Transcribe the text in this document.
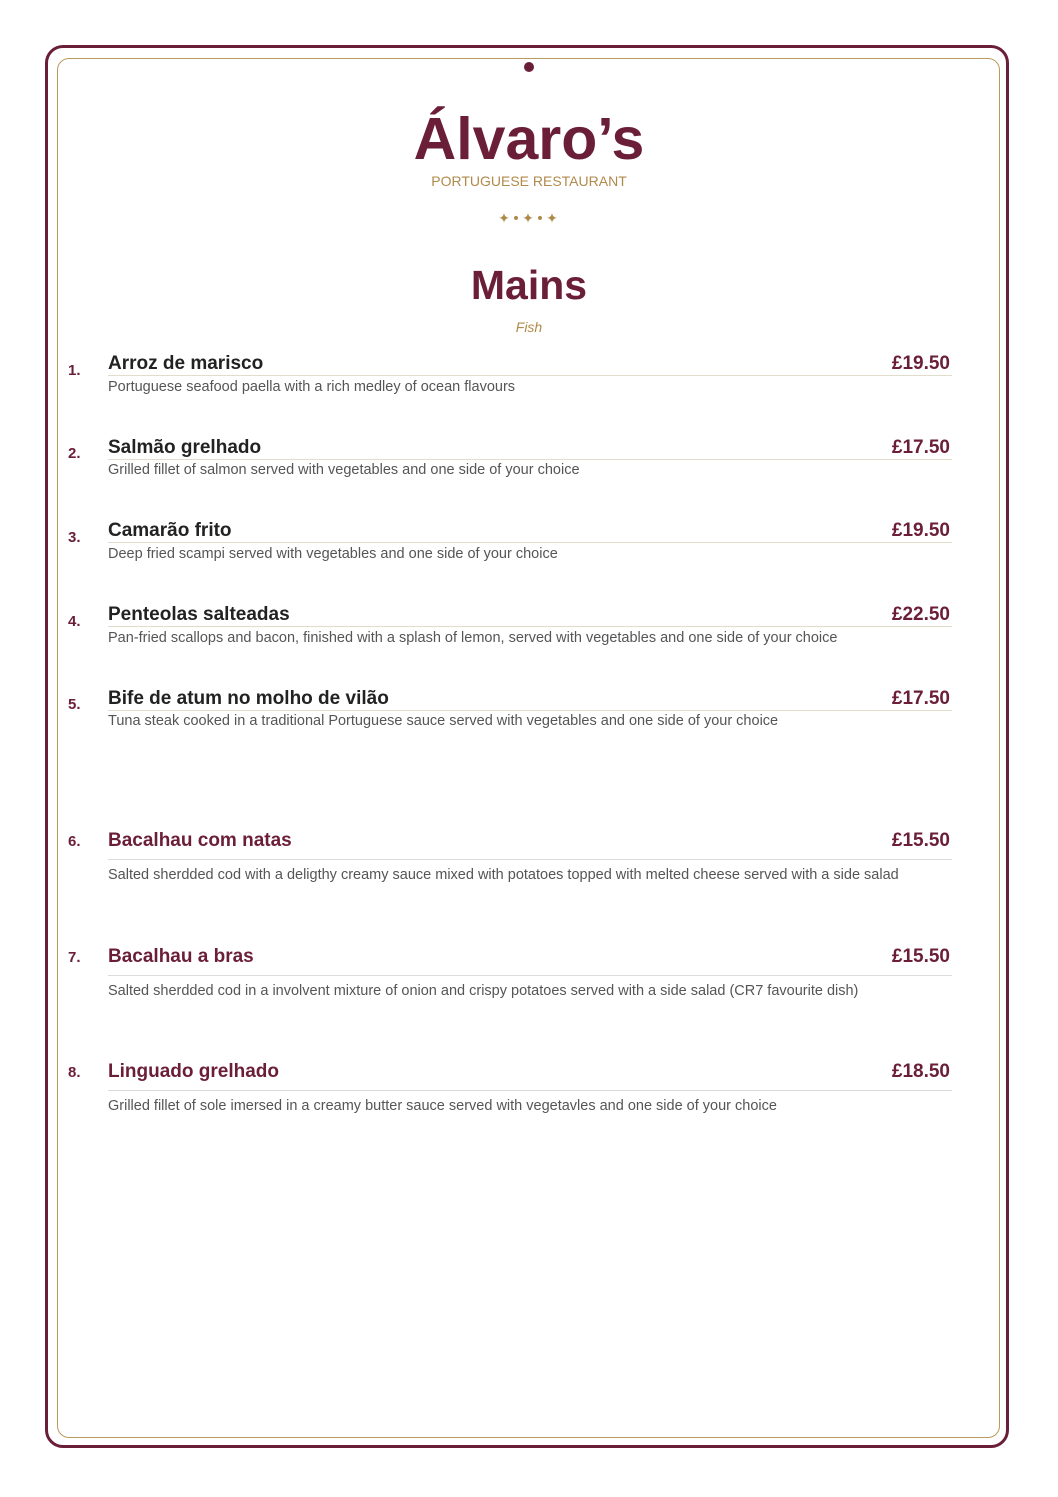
Álvaro’s
PORTUGUESE RESTAURANT
✦•✦•✦
Mains
Fish
1. Arroz de marisco	£19.50
Portuguese seafood paella with a rich medley of ocean flavours
2. Salmão grelhado	£17.50
Grilled fillet of salmon served with vegetables and one side of your choice
3. Camarão frito	£19.50
Deep fried scampi served with vegetables and one side of your choice
4. Penteolas salteadas	£22.50
Pan-fried scallops and bacon, finished with a splash of lemon, served with vegetables and one side of your choice
5. Bife de atum no molho de vilão	£17.50
Tuna steak cooked in a traditional Portuguese sauce served with vegetables and one side of your choice
6. Bacalhau com natas	£15.50
Salted sherdded cod with a deligthy creamy sauce mixed with potatoes topped with melted cheese served with a side salad
7. Bacalhau a bras	£15.50
Salted sherdded cod in a involvent mixture of onion and crispy potatoes served with a side salad (CR7 favourite dish)
8. Linguado grelhado	£18.50
Grilled fillet of sole imersed in a creamy butter sauce served with vegetavles and one side of your choice
